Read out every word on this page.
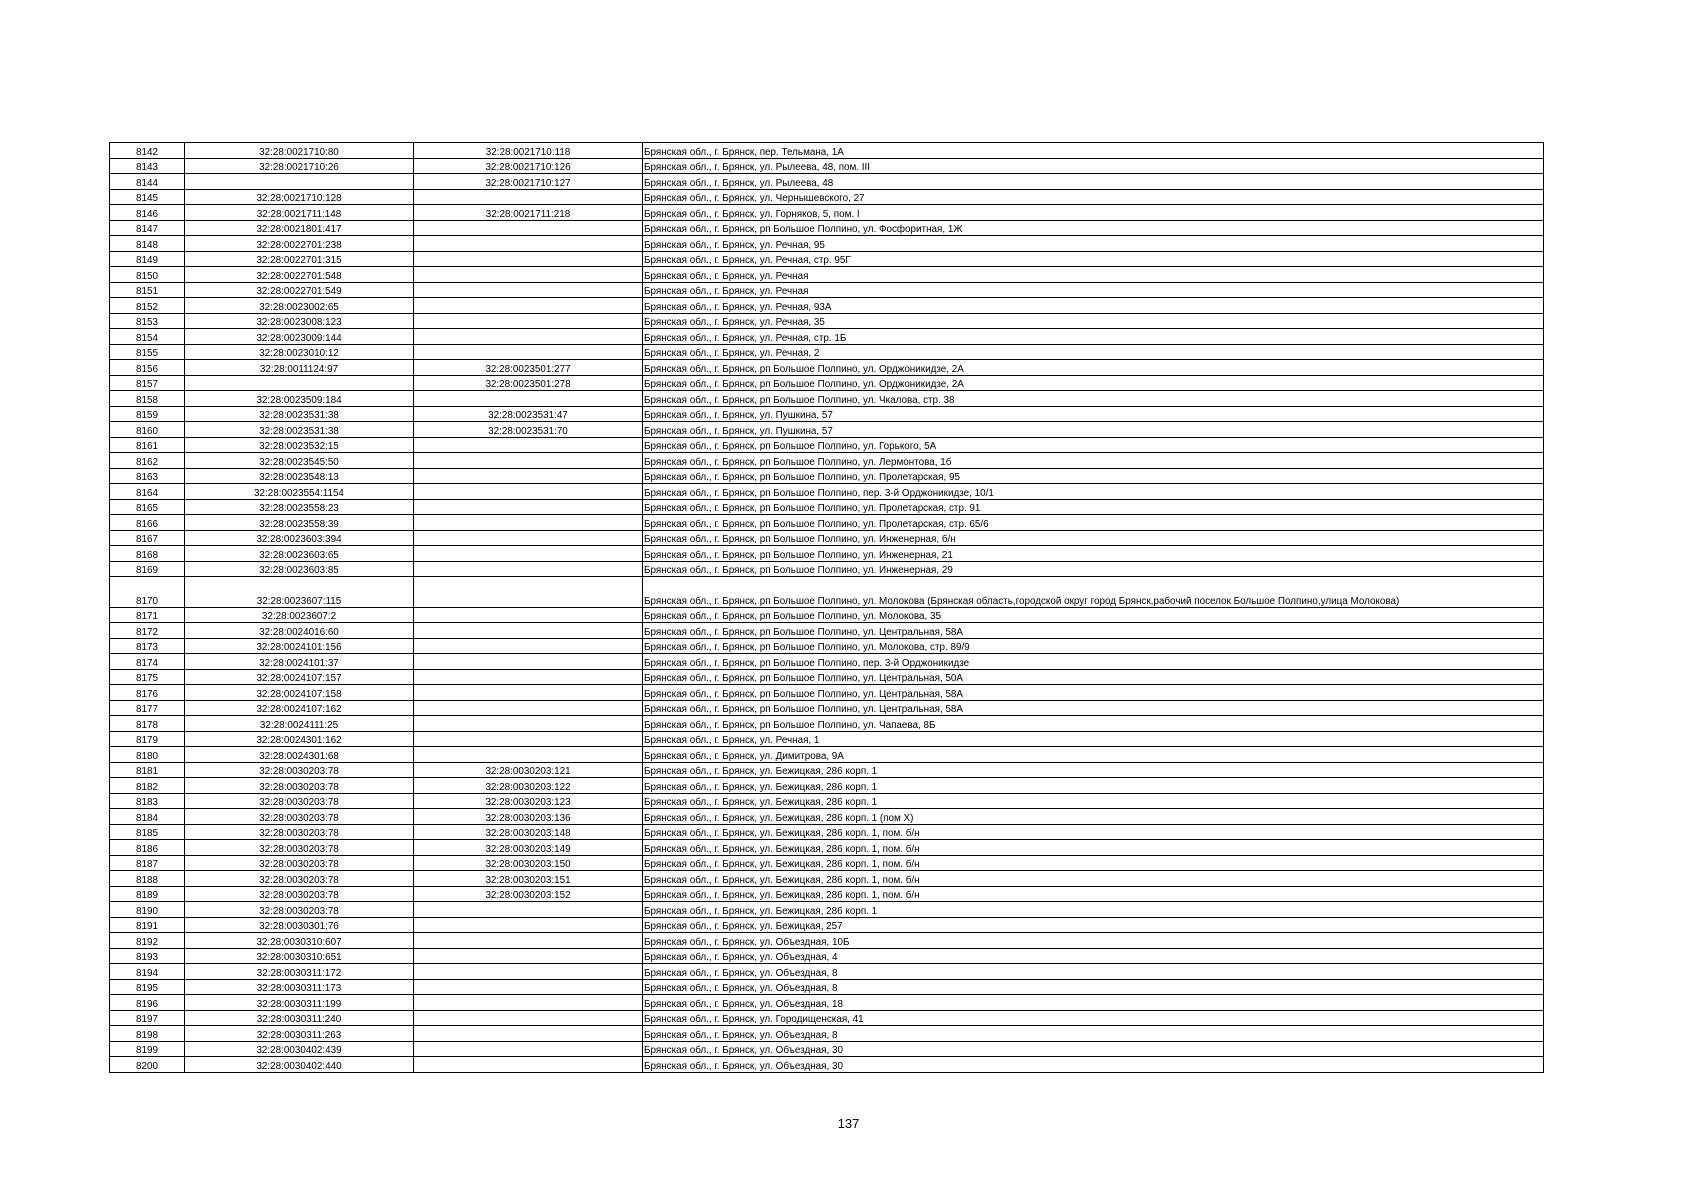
8142	32:28:0021710:80	32:28:0021710:118	Брянская обл., г. Брянск, пер. Тельмана, 1А
8143	32:28:0021710:26	32:28:0021710:126	Брянская обл., г. Брянск, ул. Рылеева, 48, пом. III
8144		32:28:0021710:127	Брянская обл., г. Брянск, ул. Рылеева, 48
8145	32:28:0021710:128		Брянская обл., г. Брянск, ул. Чернышевского, 27
8146	32:28:0021711:148	32:28:0021711:218	Брянская обл., г. Брянск, ул. Горняков, 5, пом. I
8147	32:28:0021801:417		Брянская обл., г. Брянск, рп Большое Полпино, ул. Фосфоритная, 1Ж
8148	32:28:0022701:238		Брянская обл., г. Брянск, ул. Речная, 95
8149	32:28:0022701:315		Брянская обл., г. Брянск, ул. Речная, стр. 95Г
8150	32:28:0022701:548		Брянская обл., г. Брянск, ул. Речная
8151	32:28:0022701:549		Брянская обл., г. Брянск, ул. Речная
8152	32:28:0023002:65		Брянская обл., г. Брянск, ул. Речная, 93А
8153	32:28:0023008:123		Брянская обл., г. Брянск, ул. Речная, 35
8154	32:28:0023009:144		Брянская обл., г. Брянск, ул. Речная, стр. 1Б
8155	32:28:0023010:12		Брянская обл., г. Брянск, ул. Речная, 2
8156	32:28:0011124:97	32:28:0023501:277	Брянская обл., г. Брянск, рп Большое Полпино, ул. Орджоникидзе, 2А
8157		32:28:0023501:278	Брянская обл., г. Брянск, рп Большое Полпино, ул. Орджоникидзе, 2А
8158	32:28:0023509:184		Брянская обл., г. Брянск, рп Большое Полпино, ул. Чкалова, стр. 38
8159	32:28:0023531:38	32:28:0023531:47	Брянская обл., г. Брянск, ул. Пушкина, 57
8160	32:28:0023531:38	32:28:0023531:70	Брянская обл., г. Брянск, ул. Пушкина, 57
8161	32:28:0023532:15		Брянская обл., г. Брянск, рп Большое Полпино, ул. Горького, 5А
8162	32:28:0023545:50		Брянская обл., г. Брянск, рп Большое Полпино, ул. Лермонтова, 1б
8163	32:28:0023548:13		Брянская обл., г. Брянск, рп Большое Полпино, ул. Пролетарская, 95
8164	32:28:0023554:1154		Брянская обл., г. Брянск, рп Большое Полпино, пер. 3-й Орджоникидзе, 10/1
8165	32:28:0023558:23		Брянская обл., г. Брянск, рп Большое Полпино, ул. Пролетарская, стр. 91
8166	32:28:0023558:39		Брянская обл., г. Брянск, рп Большое Полпино, ул. Пролетарская, стр. 65/6
8167	32:28:0023603:394		Брянская обл., г. Брянск, рп Большое Полпино, ул. Инженерная, б/н
8168	32:28:0023603:65		Брянская обл., г. Брянск, рп Большое Полпино, ул. Инженерная, 21
8169	32:28:0023603:85		Брянская обл., г. Брянск, рп Большое Полпино, ул. Инженерная, 29
8170	32:28:0023607:115		Брянская обл., г. Брянск, рп Большое Полпино, ул. Молокова (Брянская область,городской округ город Брянск,рабочий поселок Большое Полпино,улица Молокова)
8171	32:28:0023607:2		Брянская обл., г. Брянск, рп Большое Полпино, ул. Молокова, 35
8172	32:28:0024016:60		Брянская обл., г. Брянск, рп Большое Полпино, ул. Центральная, 58А
8173	32:28:0024101:156		Брянская обл., г. Брянск, рп Большое Полпино, ул. Молокова, стр. 89/9
8174	32:28:0024101:37		Брянская обл., г. Брянск, рп Большое Полпино, пер. 3-й Орджоникидзе
8175	32:28:0024107:157		Брянская обл., г. Брянск, рп Большое Полпино, ул. Центральная, 50А
8176	32:28:0024107:158		Брянская обл., г. Брянск, рп Большое Полпино, ул. Центральная, 58А
8177	32:28:0024107:162		Брянская обл., г. Брянск, рп Большое Полпино, ул. Центральная, 58А
8178	32:28:0024111:25		Брянская обл., г. Брянск, рп Большое Полпино, ул. Чапаева, 8Б
8179	32:28:0024301:162		Брянская обл., г. Брянск, ул. Речная, 1
8180	32:28:0024301:68		Брянская обл., г. Брянск, ул. Димитрова, 9А
8181	32:28:0030203:78	32:28:0030203:121	Брянская обл., г. Брянск, ул. Бежицкая, 286 корп. 1
8182	32:28:0030203:78	32:28:0030203:122	Брянская обл., г. Брянск, ул. Бежицкая, 286 корп. 1
8183	32:28:0030203:78	32:28:0030203:123	Брянская обл., г. Брянск, ул. Бежицкая, 286 корп. 1
8184	32:28:0030203:78	32:28:0030203:136	Брянская обл., г. Брянск, ул. Бежицкая, 286 корп. 1 (пом X)
8185	32:28:0030203:78	32:28:0030203:148	Брянская обл., г. Брянск, ул. Бежицкая, 286 корп. 1, пом. б/н
8186	32:28:0030203:78	32:28:0030203:149	Брянская обл., г. Брянск, ул. Бежицкая, 286 корп. 1, пом. б/н
8187	32:28:0030203:78	32:28:0030203:150	Брянская обл., г. Брянск, ул. Бежицкая, 286 корп. 1, пом. б/н
8188	32:28:0030203:78	32:28:0030203:151	Брянская обл., г. Брянск, ул. Бежицкая, 286 корп. 1, пом. б/н
8189	32:28:0030203:78	32:28:0030203:152	Брянская обл., г. Брянск, ул. Бежицкая, 286 корп. 1, пом. б/н
8190	32:28:0030203:78		Брянская обл., г. Брянск, ул. Бежицкая, 286 корп. 1
8191	32:28:0030301:76		Брянская обл., г. Брянск, ул. Бежицкая, 257
8192	32:28:0030310:607		Брянская обл., г. Брянск, ул. Объездная, 10Б
8193	32:28:0030310:651		Брянская обл., г. Брянск, ул. Объездная, 4
8194	32:28:0030311:172		Брянская обл., г. Брянск, ул. Объездная, 8
8195	32:28:0030311:173		Брянская обл., г. Брянск, ул. Объездная, 8
8196	32:28:0030311:199		Брянская обл., г. Брянск, ул. Объездная, 18
8197	32:28:0030311:240		Брянская обл., г. Брянск, ул. Городищенская, 41
8198	32:28:0030311:263		Брянская обл., г. Брянск, ул. Объездная, 8
8199	32:28:0030402:439		Брянская обл., г. Брянск, ул. Объездная, 30
8200	32:28:0030402:440		Брянская обл., г. Брянск, ул. Объездная, 30
137
